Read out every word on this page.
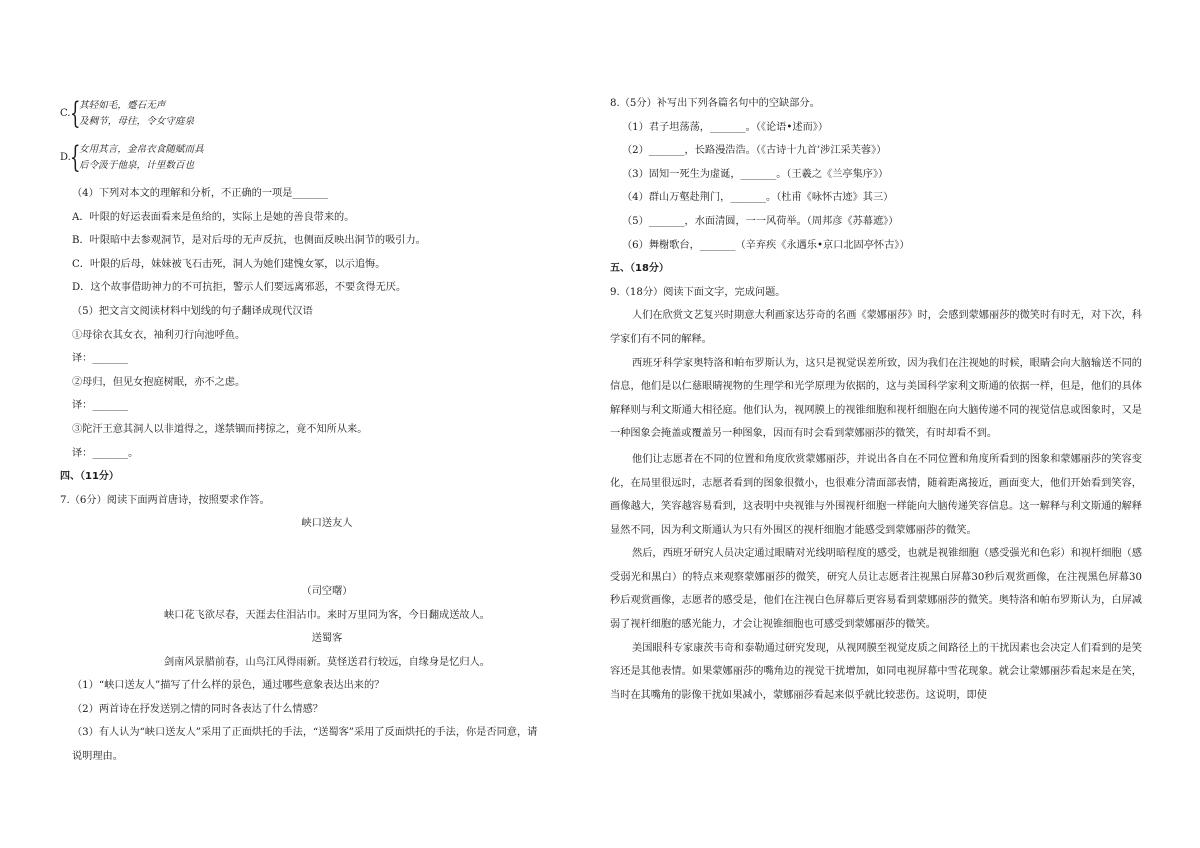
C. {
其轻如毛，蹙石无声
及稠节，母往，令女守庭泉
D. {
女用其言，金帛衣食随赋而具
后令汲于他泉，计里数百也
（4）下列对本文的理解和分析，不正确的一项是_______
A．叶限的好运表面看来是鱼给的，实际上是她的善良带来的。
B．叶限暗中去参观洞节，是对后母的无声反抗，也侧面反映出洞节的吸引力。
C．叶限的后母，妹妹被飞石击死，洞人为她们建愧女冢，以示追悔。
D．这个故事借助神力的不可抗拒，警示人们要远离邪恶，不要贪得无厌。
（5）把文言文阅读材料中划线的句子翻译成现代汉语
①母徐衣其女衣，袖利刃行向池呼鱼。
译：_______
②母归，但见女抱庭树眠，亦不之虑。
译：_______
③陀汗王意其洞人以非道得之，遂禁锢而拷掠之，竟不知所从来。
译：_______。
四、（11分）
7.（6分）阅读下面两首唐诗，按照要求作答。
峡口送友人
（司空曙）
峡口花飞欲尽春，天涯去住泪沾巾。来时万里同为客，今日翻成送故人。
送蜀客
剑南风景腊前春，山鸟江风得雨新。莫怪送君行较远，自缘身是忆归人。
（1）“峡口送友人”描写了什么样的景色，通过哪些意象表达出来的？
（2）两首诗在抒发送别之情的同时各表达了什么情感？
（3）有人认为“峡口送友人”采用了正面烘托的手法，“送蜀客”采用了反面烘托的手法，你是否同意，请
说明理由。
8.（5分）补写出下列各篇名句中的空缺部分。
（1）君子坦荡荡，_______。（《论语•述而》）
（2）_______，长路漫浩浩。（《古诗十九首’涉江采芙蓉》）
（3）固知一死生为虚诞，_______。（王羲之《兰亭集序》）
（4）群山万壑赴荆门，_______。（杜甫《咏怀古迹》其三）
（5）_______，水面清圆，一一风荷举。（周邦彦《苏幕遮》）
（6）舞榭歌台，_______（辛弃疾《永遇乐•京口北固亭怀古》）
五、（18分）
9.（18分）阅读下面文字，完成问题。
人们在欣赏文艺复兴时期意大利画家达芬奇的名画《蒙娜丽莎》时，会感到蒙娜丽莎的微笑时有时无，对下次，科学家们有不同的解释。
西班牙科学家奥特洛和帕布罗斯认为，这只是视觉误差所致，因为我们在注视她的时候，眼睛会向大脑输送不同的信息，他们是以仁慈眼睛视物的生理学和光学原理为依据的，这与美国科学家利文斯通的依据一样，但是，他们的具体解释则与利文斯通大相径庭。他们认为，视网膜上的视锥细胞和视杆细胞在向大脑传递不同的视觉信息或图象时，又是一种图象会掩盖或覆盖另一种图象，因而有时会看到蒙娜丽莎的微笑，有时却看不到。
他们让志愿者在不同的位置和角度欣赏蒙娜丽莎，并说出各自在不同位置和角度所看到的图象和蒙娜丽莎的笑容变化，在局里很远时，志愿者看到的图象很微小，也很难分清面部表情，随着距离接近，画面变大，他们开始看到笑容，画像越大，笑容越容易看到，这表明中央视锥与外围视杆细胞一样能向大脑传递笑容信息。这一解释与利文斯通的解释显然不同，因为利文斯通认为只有外围区的视杆细胞才能感受到蒙娜丽莎的微笑。
然后，西班牙研究人员决定通过眼睛对光线明暗程度的感受，也就是视锥细胞（感受强光和色彩）和视杆细胞（感受弱光和黑白）的特点来观察蒙娜丽莎的微笑，研究人员让志愿者注视黑白屏幕30秒后观赏画像，在注视黑色屏幕30秒后观赏画像，志愿者的感受是，他们在注视白色屏幕后更容易看到蒙娜丽莎的微笑。奥特洛和帕布罗斯认为，白屏减弱了视杆细胞的感光能力，才会让视锥细胞也可感受到蒙娜丽莎的微笑。
美国眼科专家康茨韦奇和泰勒通过研究发现，从视网膜至视觉皮质之间路径上的干扰因素也会决定人们看到的是笑容还是其他表情。如果蒙娜丽莎的嘴角边的视觉干扰增加，如同电视屏幕中雪花现象。就会让蒙娜丽莎看起来是在笑，当时在其嘴角的影像干扰如果减小，蒙娜丽莎看起来似乎就比较悲伤。这说明，即使
